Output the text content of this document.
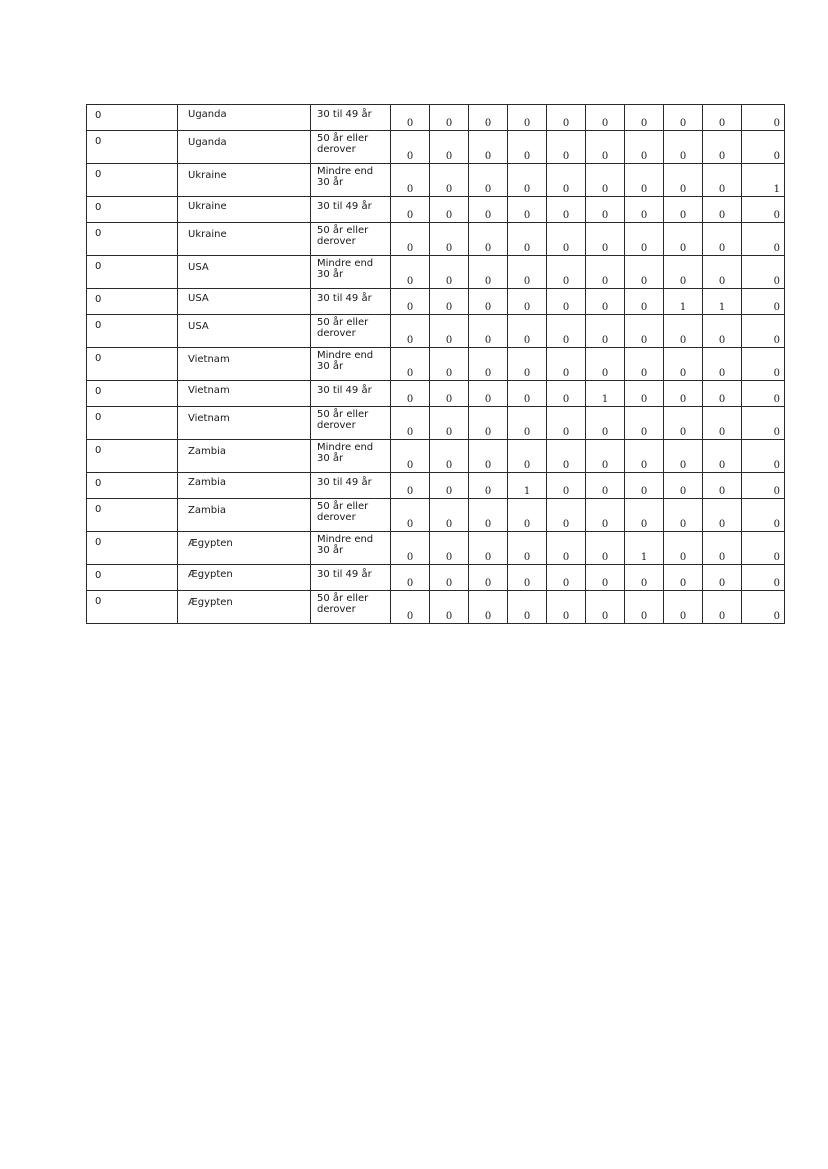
0	Uganda	30 til 49 år	0	0	0	0	0	0	0	0	0	0
0	Uganda	50 år eller
derover	0	0	0	0	0	0	0	0	0	0
0	Ukraine	Mindre end
30 år	0	0	0	0	0	0	0	0	0	1
0	Ukraine	30 til 49 år	0	0	0	0	0	0	0	0	0	0
0	Ukraine	50 år eller
derover	0	0	0	0	0	0	0	0	0	0
0	USA	Mindre end
30 år	0	0	0	0	0	0	0	0	0	0
0	USA	30 til 49 år	0	0	0	0	0	0	0	1	1	0
0	USA	50 år eller
derover	0	0	0	0	0	0	0	0	0	0
0	Vietnam	Mindre end
30 år	0	0	0	0	0	0	0	0	0	0
0	Vietnam	30 til 49 år	0	0	0	0	0	1	0	0	0	0
0	Vietnam	50 år eller
derover	0	0	0	0	0	0	0	0	0	0
0	Zambia	Mindre end
30 år	0	0	0	0	0	0	0	0	0	0
0	Zambia	30 til 49 år	0	0	0	1	0	0	0	0	0	0
0	Zambia	50 år eller
derover	0	0	0	0	0	0	0	0	0	0
0	Ægypten	Mindre end
30 år	0	0	0	0	0	0	1	0	0	0
0	Ægypten	30 til 49 år	0	0	0	0	0	0	0	0	0	0
0	Ægypten	50 år eller
derover	0	0	0	0	0	0	0	0	0	0
